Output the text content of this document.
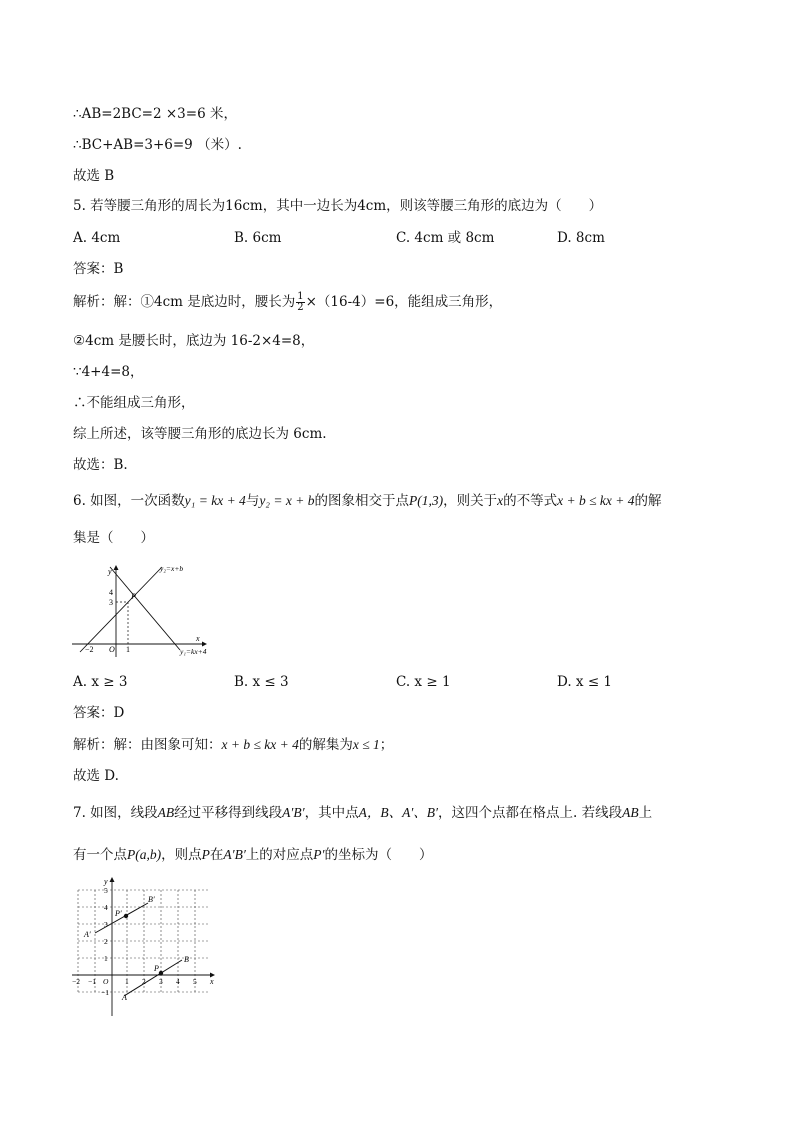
∴AB=2BC=2 ×3=6 米，
∴BC+AB=3+6=9 （米）.
故选 B
5. 若等腰三角形的周长为16cm，其中一边长为4cm，则该等腰三角形的底边为（　　）
A. 4cm	B. 6cm	C. 4cm 或 8cm	D. 8cm
答案：B
解析：解：①4cm 是底边时，腰长为 $\frac{1}{2} \times(16-4)=6$，能组成三角形，
②4cm 是腰长时，底边为 16-2×4=8，
∵4+4=8，
∴不能组成三角形，
综上所述，该等腰三角形的底边长为 6cm.
故选：B.
6. 如图，一次函数y₁ = kx + 4与y₂ = x + b的图象相交于点P(1,3)，则关于x的不等式x + b ≤ kx + 4的解
集是（　　）
y
x
y₂=x+b
y₁=kx+4
O
−2	1
4
3
P
A. x ≥ 3	B. x ≤ 3	C. x ≥ 1	D. x ≤ 1
答案：D
解析：解：由图象可知：x + b ≤ kx + 4的解集为x ≤ 1；
故选 D.
7. 如图，线段AB经过平移得到线段A′B′，其中点A，B、A′、B′，这四个点都在格点上. 若线段AB上
有一个点P(a,b)，则点P在A′B′上的对应点P′的坐标为（　　）
y
x
O
B′
A′
P′
B
A
P
5
4
3
2
1
−1
−2 −1	1 2 3 4 5
